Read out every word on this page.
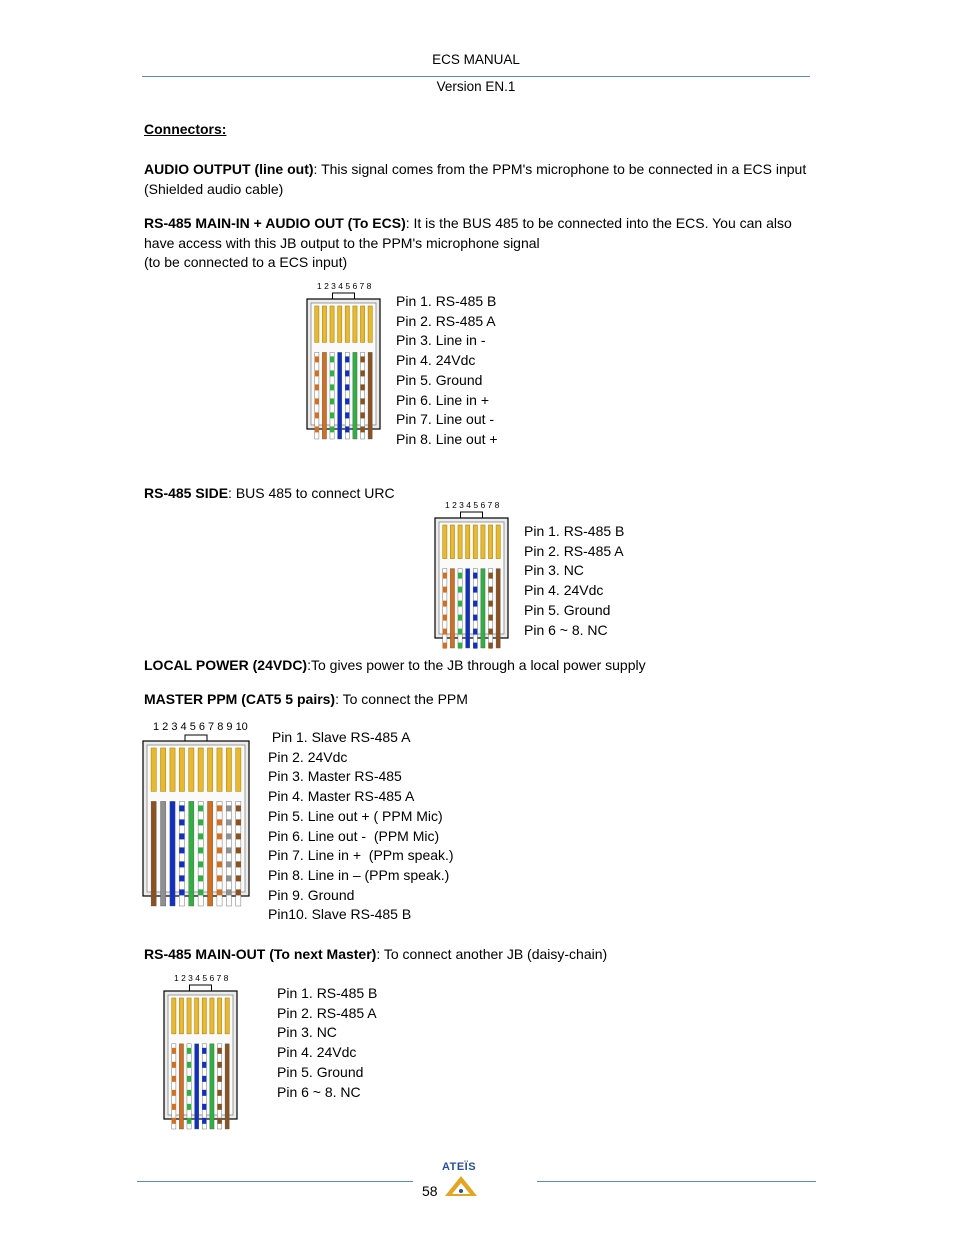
ECS MANUAL
Version EN.1
Connectors:
AUDIO OUTPUT (line out): This signal comes from the PPM's microphone to be connected in a ECS input (Shielded audio cable)
RS-485 MAIN-IN + AUDIO OUT (To ECS): It is the BUS 485 to be connected into the ECS. You can also have access with this JB output to the PPM's microphone signal
(to be connected to a ECS input)
1 2 3 4 5 6 7 8
Pin 1. RS-485 B
Pin 2. RS-485 A
Pin 3. Line in -
Pin 4. 24Vdc
Pin 5. Ground
Pin 6. Line in +
Pin 7. Line out -
Pin 8. Line out +
RS-485 SIDE: BUS 485 to connect URC
1 2 3 4 5 6 7 8
Pin 1. RS-485 B
Pin 2. RS-485 A
Pin 3. NC
Pin 4. 24Vdc
Pin 5. Ground
Pin 6 ~ 8. NC
LOCAL POWER (24VDC):To gives power to the JB through a local power supply
MASTER PPM (CAT5 5 pairs): To connect the PPM
1 2 3 4 5 6 7 8 9 10
Pin 1. Slave RS-485 A
Pin 2. 24Vdc
Pin 3. Master RS-485
Pin 4. Master RS-485 A
Pin 5. Line out + ( PPM Mic)
Pin 6. Line out -  (PPM Mic)
Pin 7. Line in +  (PPm speak.)
Pin 8. Line in – (PPm speak.)
Pin 9. Ground
Pin10. Slave RS-485 B
RS-485 MAIN-OUT (To next Master): To connect another JB (daisy-chain)
1 2 3 4 5 6 7 8
Pin 1. RS-485 B
Pin 2. RS-485 A
Pin 3. NC
Pin 4. 24Vdc
Pin 5. Ground
Pin 6 ~ 8. NC
58
ATEÏS
